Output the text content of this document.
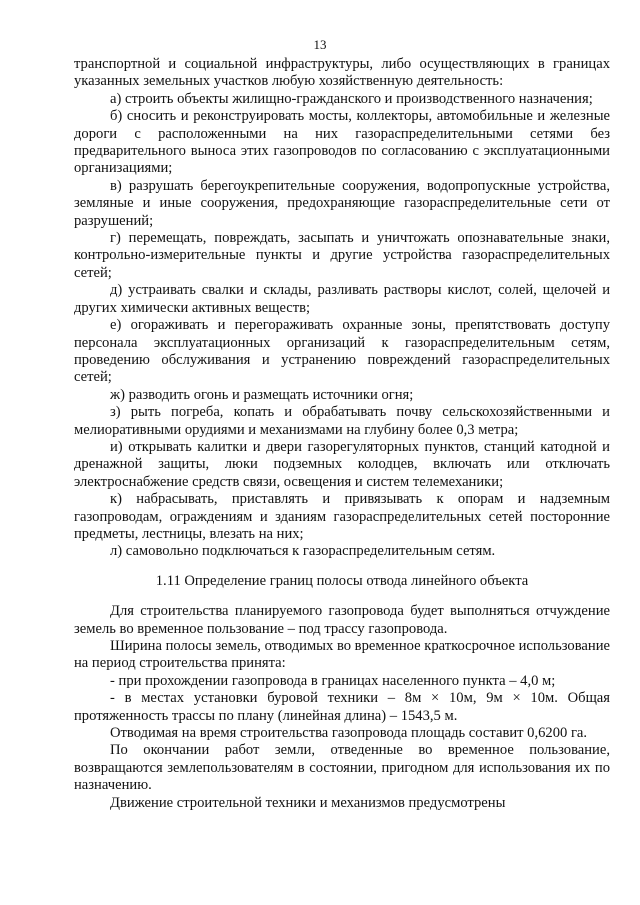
13

транспортной и социальной инфраструктуры, либо осуществляющих в границах указанных земельных участков любую хозяйственную деятельность:

а) строить объекты жилищно-гражданского и производственного назначения;

б) сносить и реконструировать мосты, коллекторы, автомобильные и железные дороги с расположенными на них газораспределительными сетями без предварительного выноса этих газопроводов по согласованию с эксплуатационными организациями;

в) разрушать берегоукрепительные сооружения, водопропускные устройства, земляные и иные сооружения, предохраняющие газораспределительные сети от разрушений;

г) перемещать, повреждать, засыпать и уничтожать опознавательные знаки, контрольно-измерительные пункты и другие устройства газораспределительных сетей;

д) устраивать свалки и склады, разливать растворы кислот, солей, щелочей и других химически активных веществ;

е) огораживать и перегораживать охранные зоны, препятствовать доступу персонала эксплуатационных организаций к газораспределительным сетям, проведению обслуживания и устранению повреждений газораспределительных сетей;

ж) разводить огонь и размещать источники огня;

з) рыть погреба, копать и обрабатывать почву сельскохозяйственными и мелиоративными орудиями и механизмами на глубину более 0,3 метра;

и) открывать калитки и двери газорегуляторных пунктов, станций катодной и дренажной защиты, люки подземных колодцев, включать или отключать электроснабжение средств связи, освещения и систем телемеханики;

к) набрасывать, приставлять и привязывать к опорам и надземным газопроводам, ограждениям и зданиям газораспределительных сетей посторонние предметы, лестницы, влезать на них;

л) самовольно подключаться к газораспределительным сетям.

1.11 Определение границ полосы отвода линейного объекта

Для строительства планируемого газопровода будет выполняться отчуждение земель во временное пользование – под трассу газопровода.

Ширина полосы земель, отводимых во временное краткосрочное использование на период строительства принята:

- при прохождении газопровода в границах населенного пункта – 4,0 м;

- в местах установки буровой техники – 8м × 10м, 9м × 10м. Общая протяженность трассы по плану (линейная длина) – 1543,5 м.

Отводимая на время строительства газопровода площадь составит 0,6200 га.

По окончании работ земли, отведенные во временное пользование, возвращаются землепользователям в состоянии, пригодном для использования их по назначению.

Движение строительной техники и механизмов предусмотрены
